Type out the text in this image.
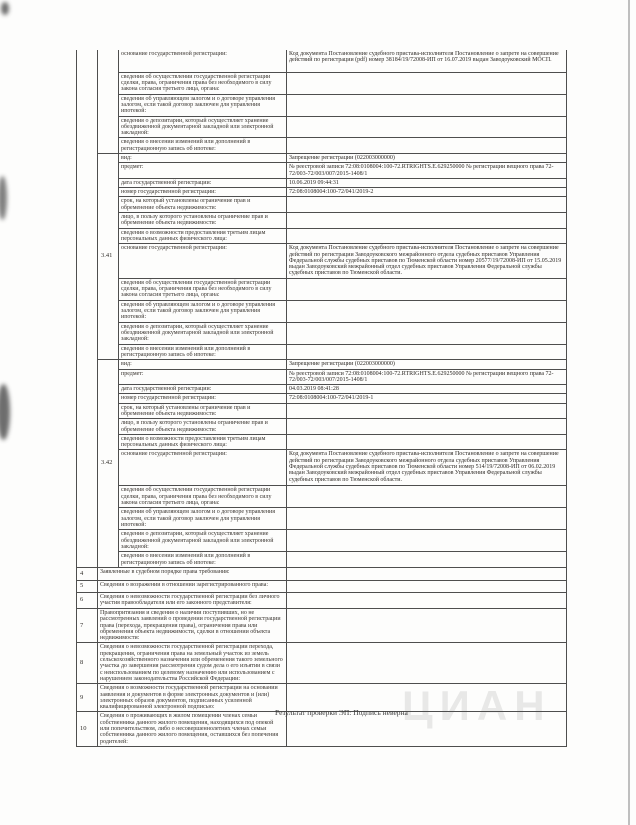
		основание государственной регистрации:	Код документа Постановление судебного пристава-исполнителя Постановление о запрете на совершение действий по регистрации (pdf) номер 38184/19/72008-ИП от 16.07.2019 выдан Заводоуковский МОСП.
		сведения об осуществлении государственной регистрации сделки, права, ограничения права без необходимого в силу закона согласия третьего лица, органа:	
		сведения об управляющем залогом и о договоре управления залогом, если такой договор заключен для управления ипотекой:	
		сведения о депозитарии, который осуществляет хранение обездвиженной документарной закладной или электронной закладной:	
		сведения о внесении изменений или дополнений в регистрационную запись об ипотеке:	
	3.41	вид:	Запрещение регистрации (022003000000)
		предмет:	№ реестровой записи 72:08:0108004:100-72.RTRIGHTS.E.629250000 № регистрации вещного права 72-72/003-72/003/007/2015-1408/1
		дата государственной регистрации:	10.06.2019 09:44:31
		номер государственной регистрации:	72:08:0108004:100-72/041/2019-2
		срок, на который установлены ограничение прав и обременение объекта недвижимости:	
		лицо, в пользу которого установлены ограничение прав и обременение объекта недвижимости:	
		сведения о возможности предоставления третьим лицам персональных данных физического лица:	
		основание государственной регистрации:	Код документа Постановление судебного пристава-исполнителя Постановление о запрете на совершение действий по регистрации Заводоуковского межрайонного отдела судебных приставов Управления Федеральной службы судебных приставов по Тюменской области номер 20577/19/72008-ИП от 15.05.2019 выдан Заводоуковский межрайонный отдел судебных приставов Управления Федеральной службы судебных приставов по Тюменской области.
		сведения об осуществлении государственной регистрации сделки, права, ограничения права без необходимого в силу закона согласия третьего лица, органа:	
		сведения об управляющем залогом и о договоре управления залогом, если такой договор заключен для управления ипотекой:	
		сведения о депозитарии, который осуществляет хранение обездвиженной документарной закладной или электронной закладной:	
		сведения о внесении изменений или дополнений в регистрационную запись об ипотеке:	
	3.42	вид:	Запрещение регистрации (022003000000)
		предмет:	№ реестровой записи 72:08:0108004:100-72.RTRIGHTS.E.629250000 № регистрации вещного права 72-72/003-72/003/007/2015-1408/1
		дата государственной регистрации:	04.03.2019 08:41:28
		номер государственной регистрации:	72:08:0108004:100-72/041/2019-1
		срок, на который установлены ограничение прав и обременение объекта недвижимости:	
		лицо, в пользу которого установлены ограничение прав и обременение объекта недвижимости:	
		сведения о возможности предоставления третьим лицам персональных данных физического лица:	
		основание государственной регистрации:	Код документа Постановление судебного пристава-исполнителя Постановление о запрете на совершение действий по регистрации Заводоуковского межрайонного отдела судебных приставов Управления Федеральной службы судебных приставов по Тюменской области номер 514/19/72008-ИП от 06.02.2019 выдан Заводоуковский межрайонный отдел судебных приставов Управления Федеральной службы судебных приставов по Тюменской области.
		сведения об осуществлении государственной регистрации сделки, права, ограничения права без необходимого в силу закона согласия третьего лица, органа:	
		сведения об управляющем залогом и о договоре управления залогом, если такой договор заключен для управления ипотекой:	
		сведения о депозитарии, который осуществляет хранение обездвиженной документарной закладной или электронной закладной:	
		сведения о внесении изменений или дополнений в регистрационную запись об ипотеке:	
4	Заявленные в судебном порядке права требования:		
5	Сведения о возражении в отношении зарегистрированного права:		
6	Сведения о невозможности государственной регистрации без личного участия правообладателя или его законного представителя:		
7	Правопритязания и сведения о наличии поступивших, но не рассмотренных заявлений о проведении государственной регистрации права (перехода, прекращения права), ограничения права или обременения объекта недвижимости, сделки в отношении объекта недвижимости:		
8	Сведения о невозможности государственной регистрации перехода, прекращения, ограничения права на земельный участок из земель сельскохозяйственного назначения или обременения такого земельного участка до завершения рассмотрения судом дела о его изъятии в связи с неиспользованием по целевому назначению или использованием с нарушением законодательства Российской Федерации:		
9	Сведения о возможности государственной регистрации на основании заявления и документов в форме электронных документов и (или) электронных образов документов, подписанных усиленной квалифицированной электронной подписью:		
10	Сведения о проживающих в жилом помещении членах семьи собственника данного жилого помещения, находящихся под опекой или попечительством, либо о несовершеннолетних членах семьи собственника данного жилого помещения, оставшихся без попечения родителей:		
ЦИАН
Результат проверки ЭП: Подпись неверна
